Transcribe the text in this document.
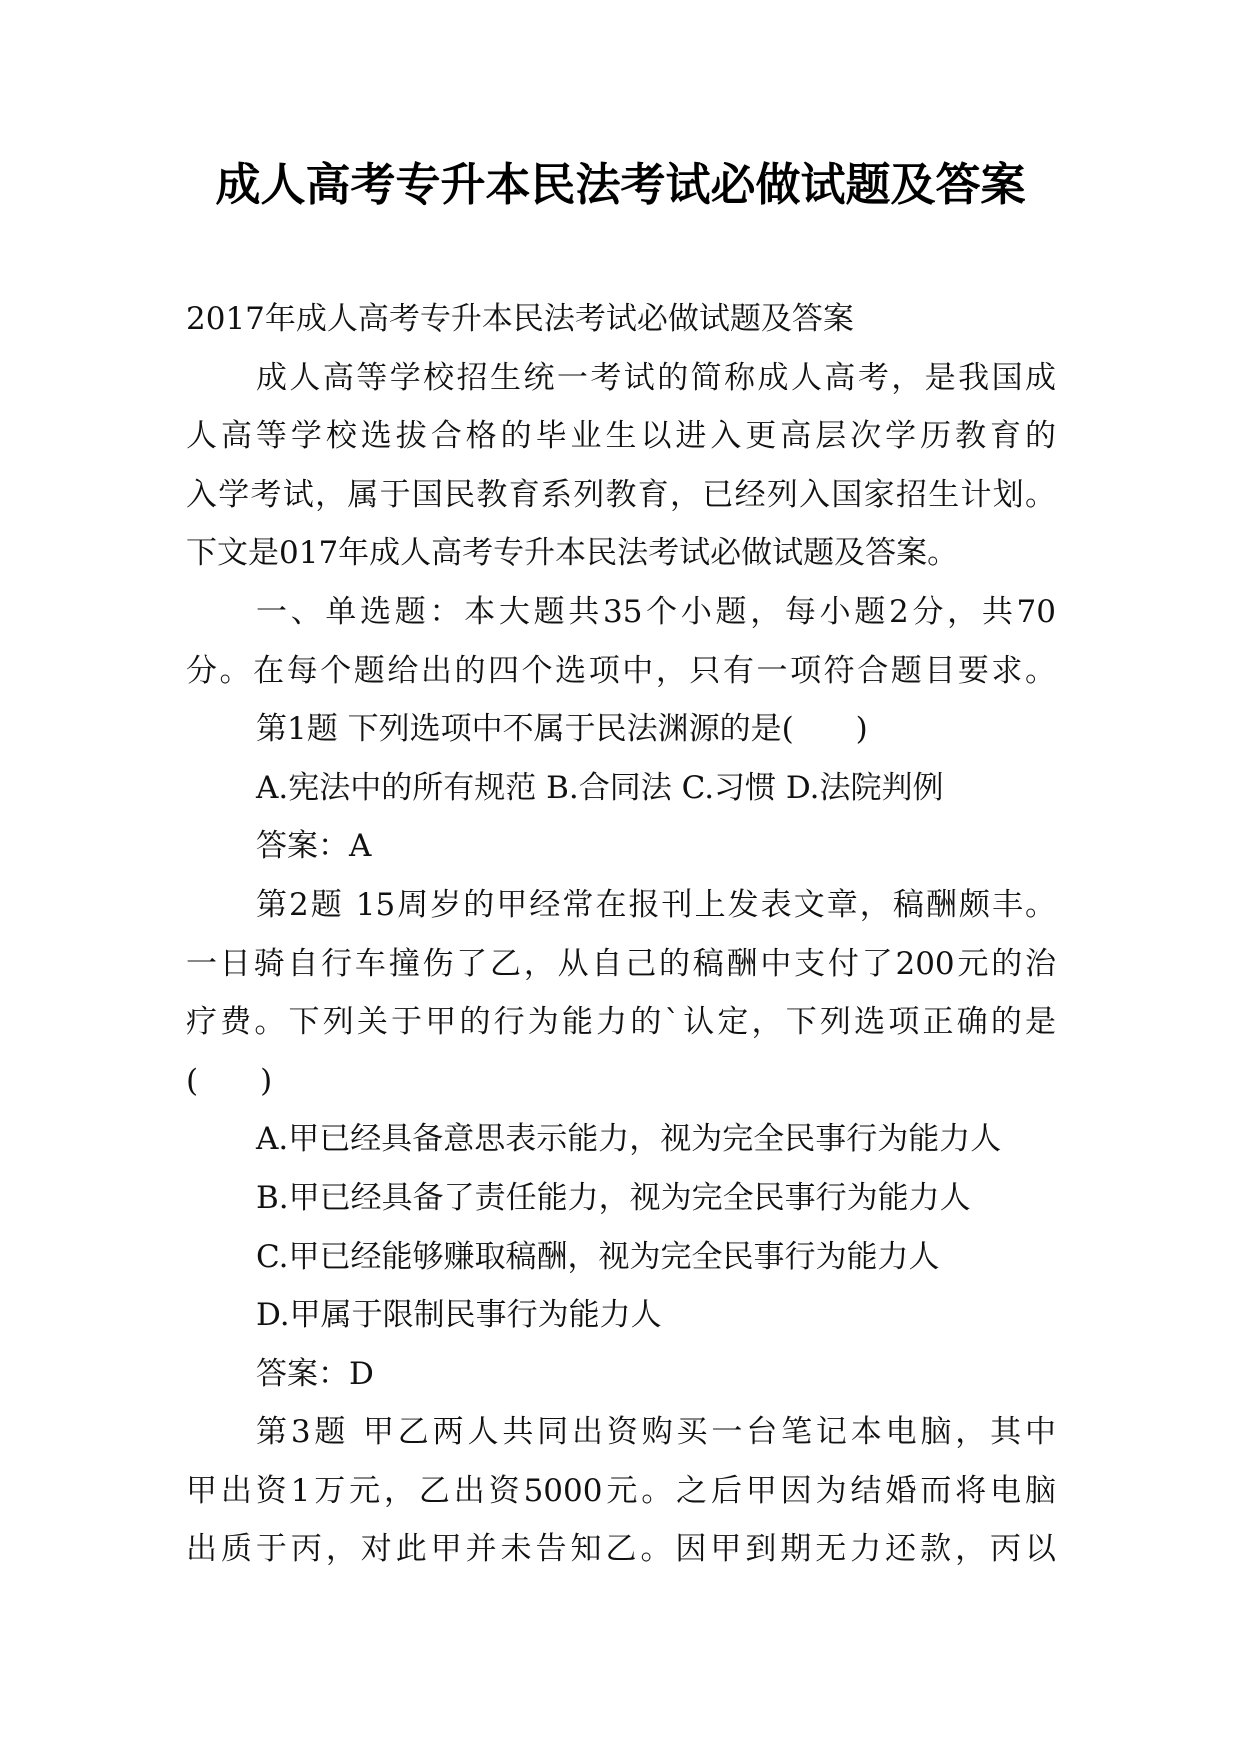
成人高考专升本民法考试必做试题及答案
2017年成人高考专升本民法考试必做试题及答案
成人高等学校招生统一考试的简称成人高考，是我国成
人高等学校选拔合格的毕业生以进入更高层次学历教育的
入学考试，属于国民教育系列教育，已经列入国家招生计划。
下文是017年成人高考专升本民法考试必做试题及答案。
一、单选题：本大题共35个小题，每小题2分，共70
分。在每个题给出的四个选项中，只有一项符合题目要求。
第1题 下列选项中不属于民法渊源的是(　　)
A.宪法中的所有规范 B.合同法 C.习惯 D.法院判例
答案：A
第2题 15周岁的甲经常在报刊上发表文章，稿酬颇丰。
一日骑自行车撞伤了乙，从自己的稿酬中支付了200元的治
疗费。下列关于甲的行为能力的`认定，下列选项正确的是
(　　)
A.甲已经具备意思表示能力，视为完全民事行为能力人
B.甲已经具备了责任能力，视为完全民事行为能力人
C.甲已经能够赚取稿酬，视为完全民事行为能力人
D.甲属于限制民事行为能力人
答案：D
第3题 甲乙两人共同出资购买一台笔记本电脑，其中
甲出资1万元，乙出资5000元。之后甲因为结婚而将电脑
出质于丙，对此甲并未告知乙。因甲到期无力还款，丙以
